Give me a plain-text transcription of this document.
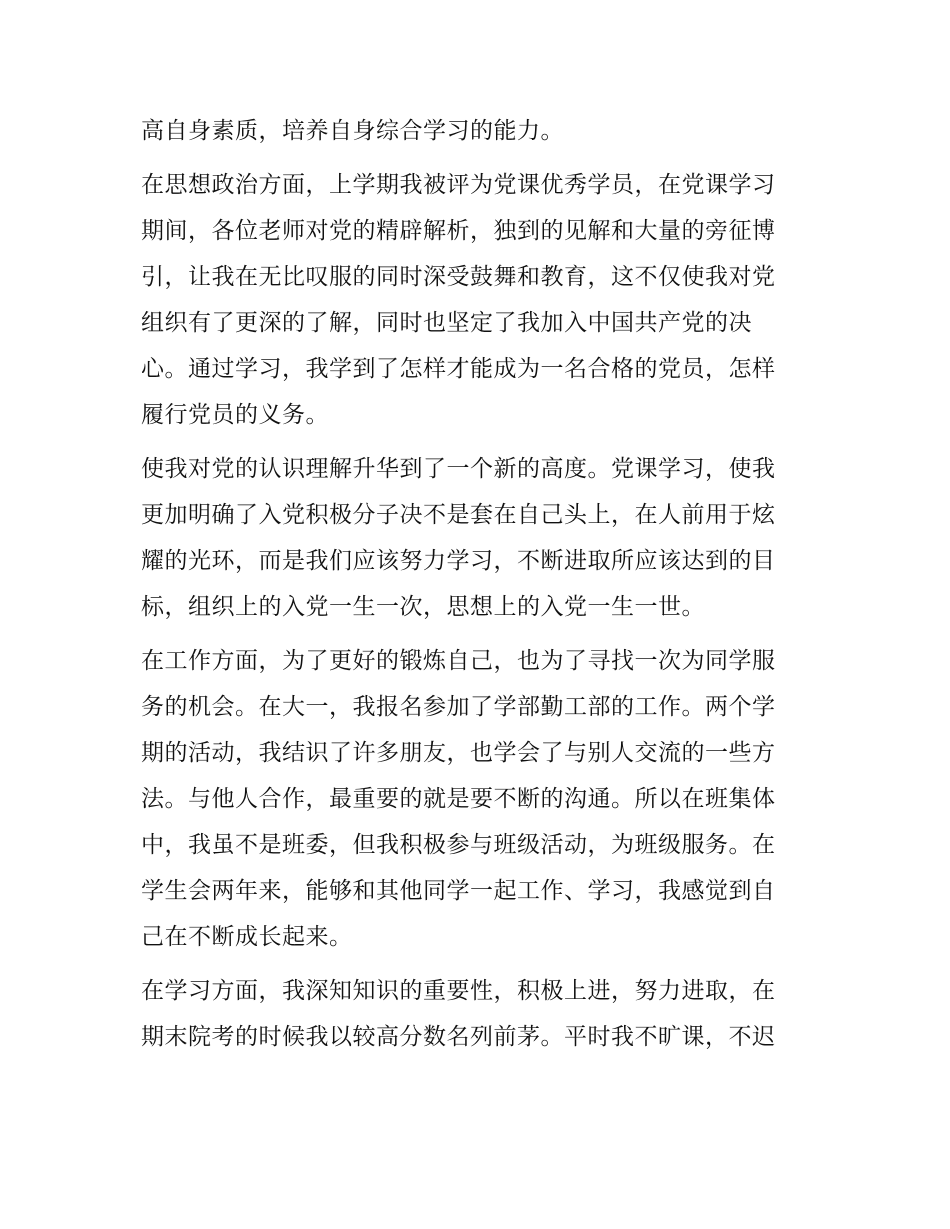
高自身素质，培养自身综合学习的能力。
在思想政治方面，上学期我被评为党课优秀学员，在党课学习
期间，各位老师对党的精辟解析，独到的见解和大量的旁征博
引，让我在无比叹服的同时深受鼓舞和教育，这不仅使我对党
组织有了更深的了解，同时也坚定了我加入中国共产党的决
心。通过学习，我学到了怎样才能成为一名合格的党员，怎样
履行党员的义务。
使我对党的认识理解升华到了一个新的高度。党课学习，使我
更加明确了入党积极分子决不是套在自己头上，在人前用于炫
耀的光环，而是我们应该努力学习，不断进取所应该达到的目
标，组织上的入党一生一次，思想上的入党一生一世。
在工作方面，为了更好的锻炼自己，也为了寻找一次为同学服
务的机会。在大一，我报名参加了学部勤工部的工作。两个学
期的活动，我结识了许多朋友，也学会了与别人交流的一些方
法。与他人合作，最重要的就是要不断的沟通。所以在班集体
中，我虽不是班委，但我积极参与班级活动，为班级服务。在
学生会两年来，能够和其他同学一起工作、学习，我感觉到自
己在不断成长起来。
在学习方面，我深知知识的重要性，积极上进，努力进取，在
期末院考的时候我以较高分数名列前茅。平时我不旷课，不迟
